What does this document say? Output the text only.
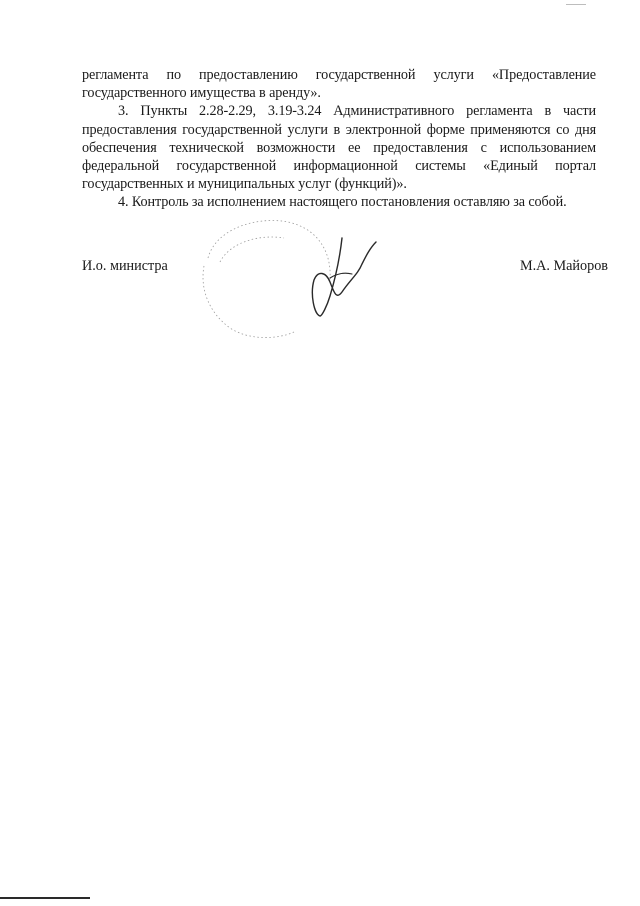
регламента по предоставлению государственной услуги «Предоставление государственного имущества в аренду».

3. Пункты 2.28-2.29, 3.19-3.24 Административного регламента в части предоставления государственной услуги в электронной форме применяются со дня обеспечения технической возможности ее предоставления с использованием федеральной государственной информационной системы «Единый портал государственных и муниципальных услуг (функций)».

4. Контроль за исполнением настоящего постановления оставляю за собой.

И.о. министра	М.А. Майоров
